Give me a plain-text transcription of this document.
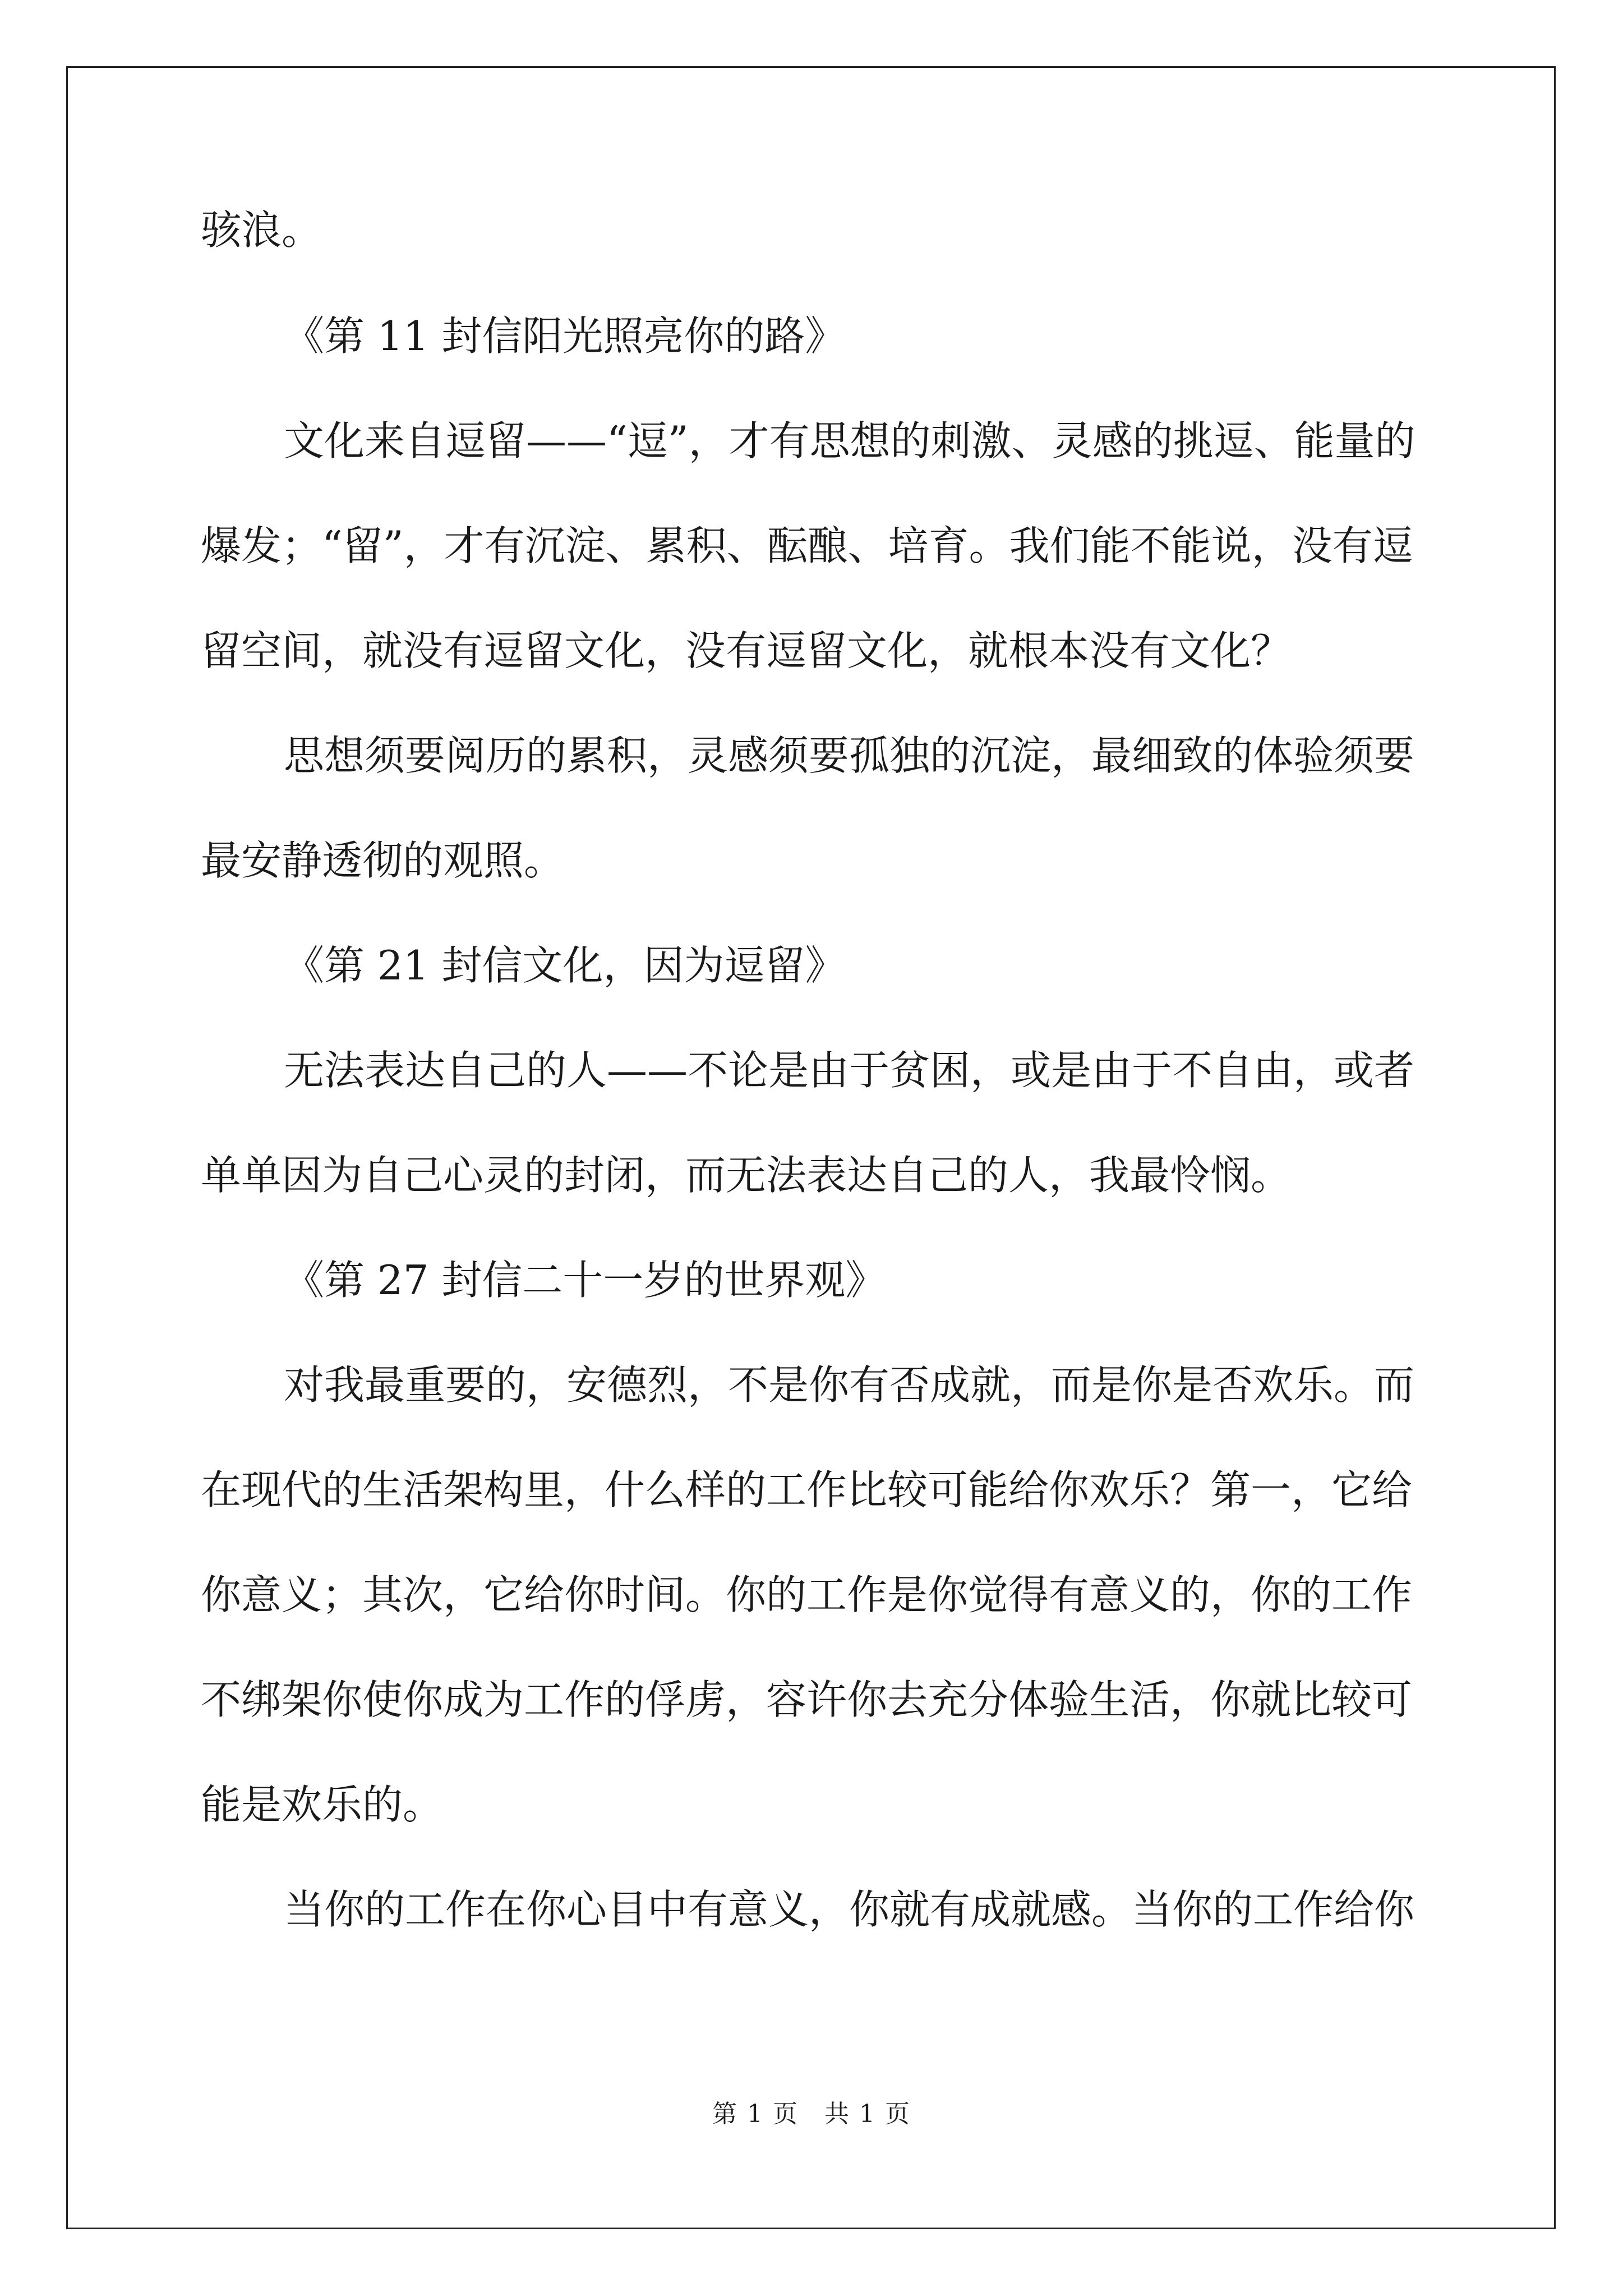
骇浪。
《第 11 封信阳光照亮你的路》
文化来自逗留——“逗”，才有思想的刺激、灵感的挑逗、能量的
爆发；“留”，才有沉淀、累积、酝酿、培育。我们能不能说，没有逗
留空间，就没有逗留文化，没有逗留文化，就根本没有文化？
思想须要阅历的累积，灵感须要孤独的沉淀，最细致的体验须要
最安静透彻的观照。
《第 21 封信文化，因为逗留》
无法表达自己的人——不论是由于贫困，或是由于不自由，或者
单单因为自己心灵的封闭，而无法表达自己的人，我最怜悯。
《第 27 封信二十一岁的世界观》
对我最重要的，安德烈，不是你有否成就，而是你是否欢乐。而
在现代的生活架构里，什么样的工作比较可能给你欢乐？第一，它给
你意义；其次，它给你时间。你的工作是你觉得有意义的，你的工作
不绑架你使你成为工作的俘虏，容许你去充分体验生活，你就比较可
能是欢乐的。
当你的工作在你心目中有意义，你就有成就感。当你的工作给你
第 1 页　共 1 页
